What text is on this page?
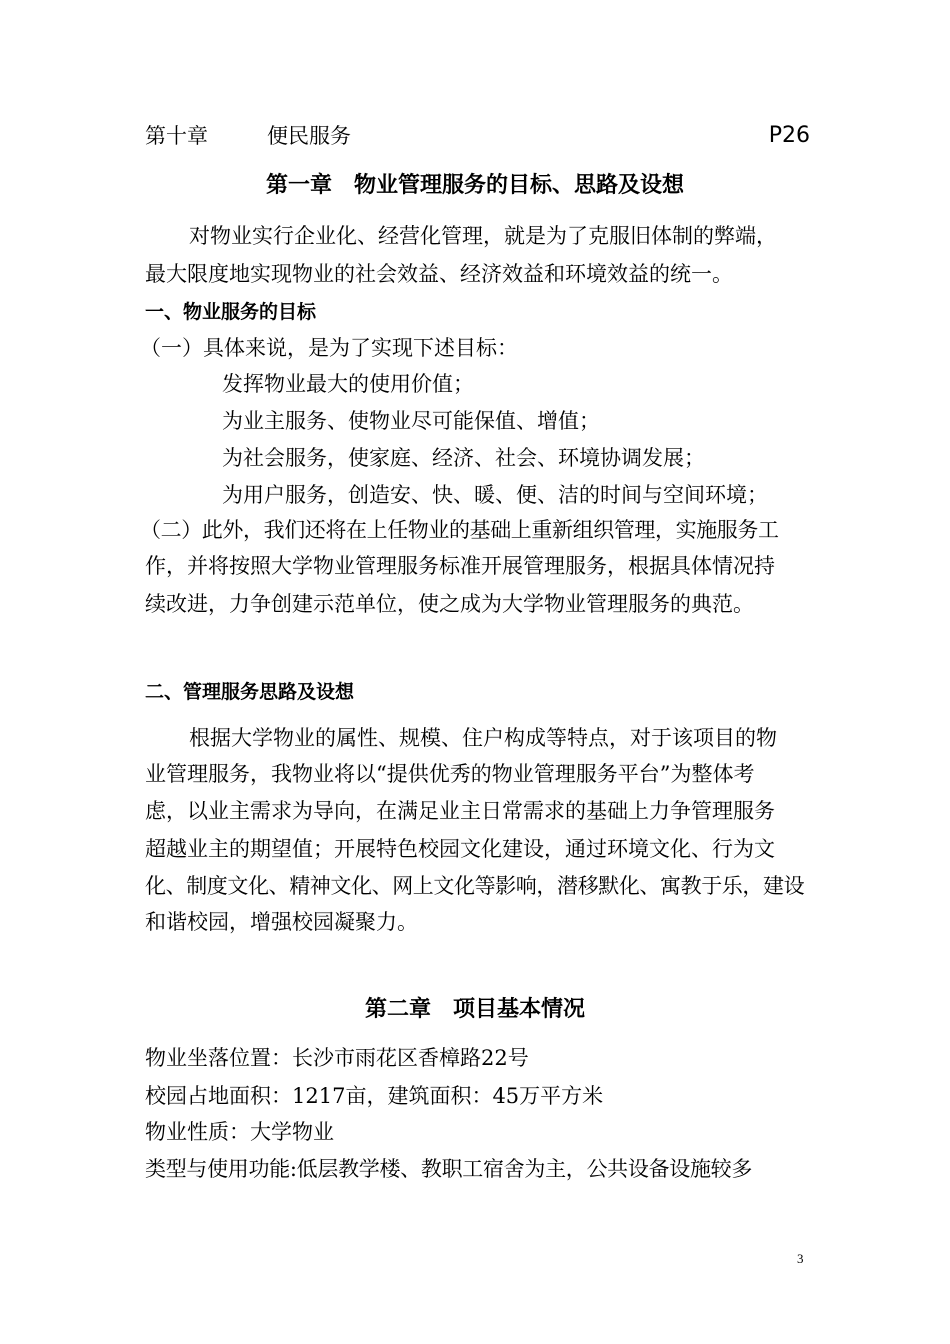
第十章	便民服务	P26
第一章　物业管理服务的目标、思路及设想
对物业实行企业化、经营化管理，就是为了克服旧体制的弊端，
最大限度地实现物业的社会效益、经济效益和环境效益的统一。
一、物业服务的目标
（一）具体来说，是为了实现下述目标：
发挥物业最大的使用价值；
为业主服务、使物业尽可能保值、增值；
为社会服务，使家庭、经济、社会、环境协调发展；
为用户服务，创造安、快、暖、便、洁的时间与空间环境；
（二）此外，我们还将在上任物业的基础上重新组织管理，实施服务工
作，并将按照大学物业管理服务标准开展管理服务，根据具体情况持
续改进，力争创建示范单位，使之成为大学物业管理服务的典范。
二、管理服务思路及设想
根据大学物业的属性、规模、住户构成等特点，对于该项目的物
业管理服务，我物业将以“提供优秀的物业管理服务平台”为整体考
虑，以业主需求为导向，在满足业主日常需求的基础上力争管理服务
超越业主的期望值；开展特色校园文化建设，通过环境文化、行为文
化、制度文化、精神文化、网上文化等影响，潜移默化、寓教于乐，建设
和谐校园，增强校园凝聚力。
第二章　项目基本情况
物业坐落位置：长沙市雨花区香樟路22号
校园占地面积：1217亩，建筑面积：45万平方米
物业性质：大学物业
类型与使用功能:低层教学楼、教职工宿舍为主，公共设备设施较多
3
